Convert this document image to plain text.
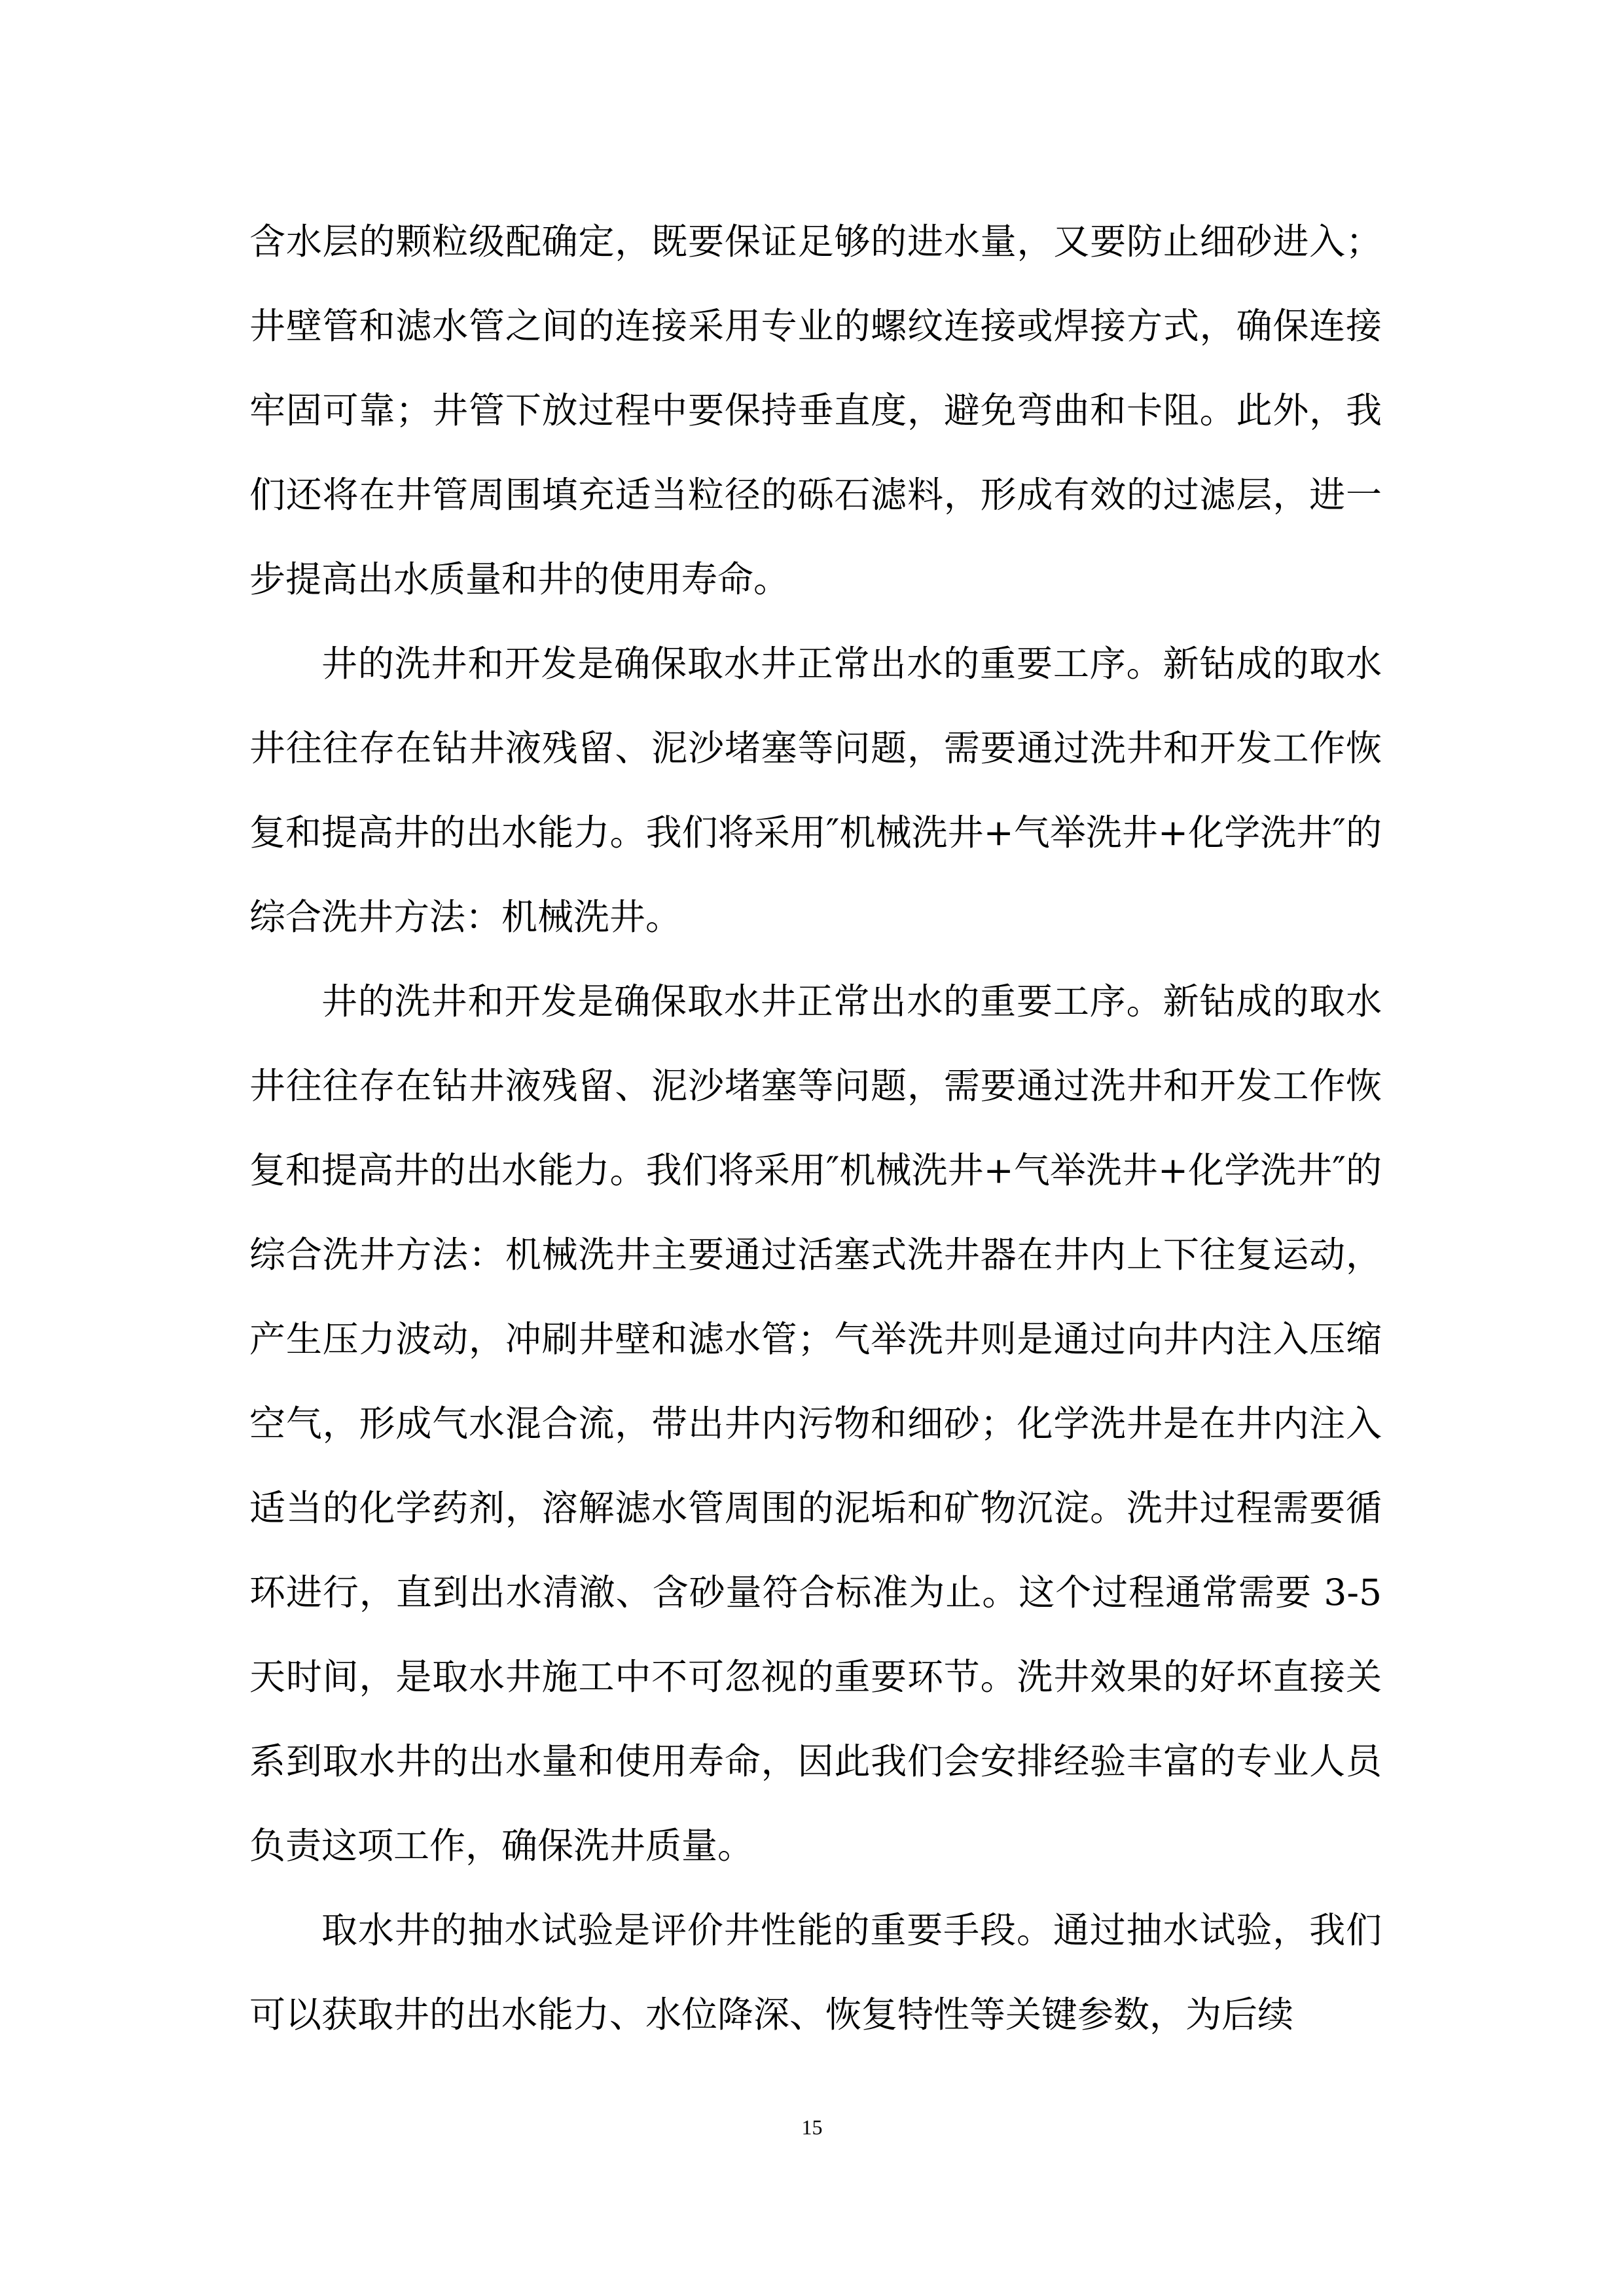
含水层的颗粒级配确定，既要保证足够的进水量，又要防止细砂进入；井壁管和滤水管之间的连接采用专业的螺纹连接或焊接方式，确保连接牢固可靠；井管下放过程中要保持垂直度，避免弯曲和卡阻。此外，我们还将在井管周围填充适当粒径的砾石滤料，形成有效的过滤层，进一步提高出水质量和井的使用寿命。

井的洗井和开发是确保取水井正常出水的重要工序。新钻成的取水井往往存在钻井液残留、泥沙堵塞等问题，需要通过洗井和开发工作恢复和提高井的出水能力。我们将采用″机械洗井+气举洗井+化学洗井″的综合洗井方法：机械洗井。

井的洗井和开发是确保取水井正常出水的重要工序。新钻成的取水井往往存在钻井液残留、泥沙堵塞等问题，需要通过洗井和开发工作恢复和提高井的出水能力。我们将采用″机械洗井+气举洗井+化学洗井″的综合洗井方法：机械洗井主要通过活塞式洗井器在井内上下往复运动，产生压力波动，冲刷井壁和滤水管；气举洗井则是通过向井内注入压缩空气，形成气水混合流，带出井内污物和细砂；化学洗井是在井内注入适当的化学药剂，溶解滤水管周围的泥垢和矿物沉淀。洗井过程需要循环进行，直到出水清澈、含砂量符合标准为止。这个过程通常需要 3-5 天时间，是取水井施工中不可忽视的重要环节。洗井效果的好坏直接关系到取水井的出水量和使用寿命，因此我们会安排经验丰富的专业人员负责这项工作，确保洗井质量。

取水井的抽水试验是评价井性能的重要手段。通过抽水试验，我们可以获取井的出水能力、水位降深、恢复特性等关键参数，为后续

15
